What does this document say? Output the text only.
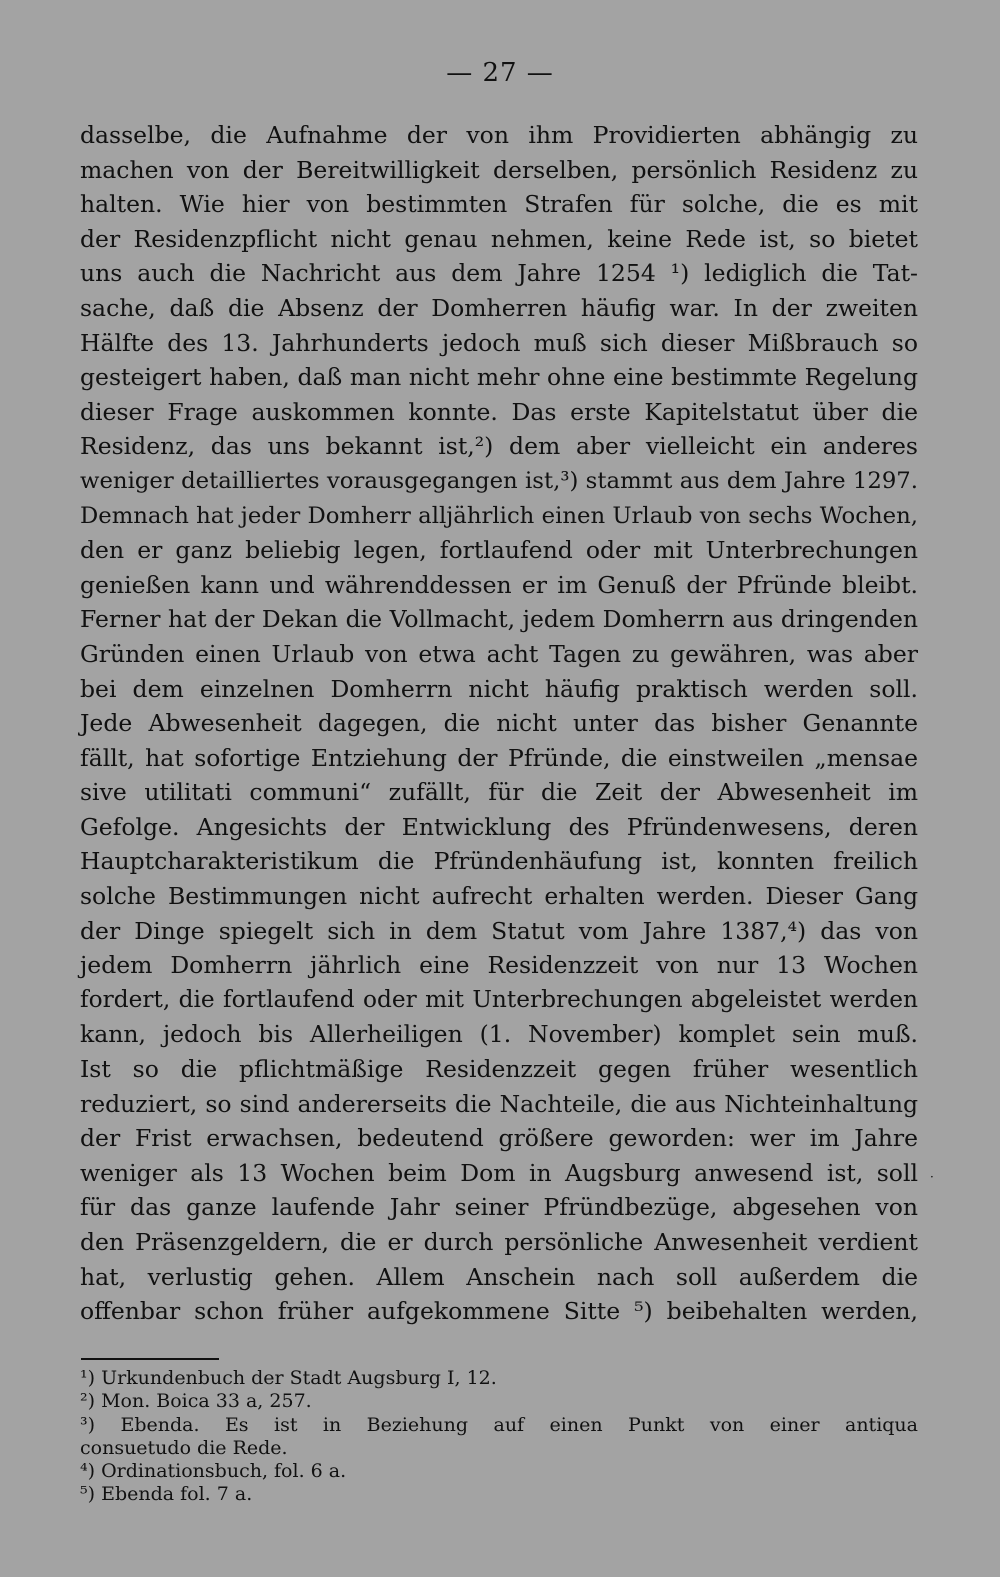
— 27 —
dasselbe, die Aufnahme der von ihm Providierten abhängig zu
machen von der Bereitwilligkeit derselben, persönlich Residenz zu
halten. Wie hier von bestimmten Strafen für solche, die es mit
der Residenzpflicht nicht genau nehmen, keine Rede ist, so bietet
uns auch die Nachricht aus dem Jahre 1254 ¹) lediglich die Tat-
sache, daß die Absenz der Domherren häufig war. In der zweiten
Hälfte des 13. Jahrhunderts jedoch muß sich dieser Mißbrauch so
gesteigert haben, daß man nicht mehr ohne eine bestimmte Regelung
dieser Frage auskommen konnte. Das erste Kapitelstatut über die
Residenz, das uns bekannt ist,²) dem aber vielleicht ein anderes
weniger detailliertes vorausgegangen ist,³) stammt aus dem Jahre 1297.
Demnach hat jeder Domherr alljährlich einen Urlaub von sechs Wochen,
den er ganz beliebig legen, fortlaufend oder mit Unterbrechungen
genießen kann und währenddessen er im Genuß der Pfründe bleibt.
Ferner hat der Dekan die Vollmacht, jedem Domherrn aus dringenden
Gründen einen Urlaub von etwa acht Tagen zu gewähren, was aber
bei dem einzelnen Domherrn nicht häufig praktisch werden soll.
Jede Abwesenheit dagegen, die nicht unter das bisher Genannte
fällt, hat sofortige Entziehung der Pfründe, die einstweilen „mensae
sive utilitati communi“ zufällt, für die Zeit der Abwesenheit im
Gefolge. Angesichts der Entwicklung des Pfründenwesens, deren
Hauptcharakteristikum die Pfründenhäufung ist, konnten freilich
solche Bestimmungen nicht aufrecht erhalten werden. Dieser Gang
der Dinge spiegelt sich in dem Statut vom Jahre 1387,⁴) das von
jedem Domherrn jährlich eine Residenzzeit von nur 13 Wochen
fordert, die fortlaufend oder mit Unterbrechungen abgeleistet werden
kann, jedoch bis Allerheiligen (1. November) komplet sein muß.
Ist so die pflichtmäßige Residenzzeit gegen früher wesentlich
reduziert, so sind andererseits die Nachteile, die aus Nichteinhaltung
der Frist erwachsen, bedeutend größere geworden: wer im Jahre
weniger als 13 Wochen beim Dom in Augsburg anwesend ist, soll
für das ganze laufende Jahr seiner Pfründbezüge, abgesehen von
den Präsenzgeldern, die er durch persönliche Anwesenheit verdient
hat, verlustig gehen. Allem Anschein nach soll außerdem die
offenbar schon früher aufgekommene Sitte ⁵) beibehalten werden,
·
¹) Urkundenbuch der Stadt Augsburg I, 12.
²) Mon. Boica 33 a, 257.
³) Ebenda. Es ist in Beziehung auf einen Punkt von einer antiqua
consuetudo die Rede.
⁴) Ordinationsbuch, fol. 6 a.
⁵) Ebenda fol. 7 a.
